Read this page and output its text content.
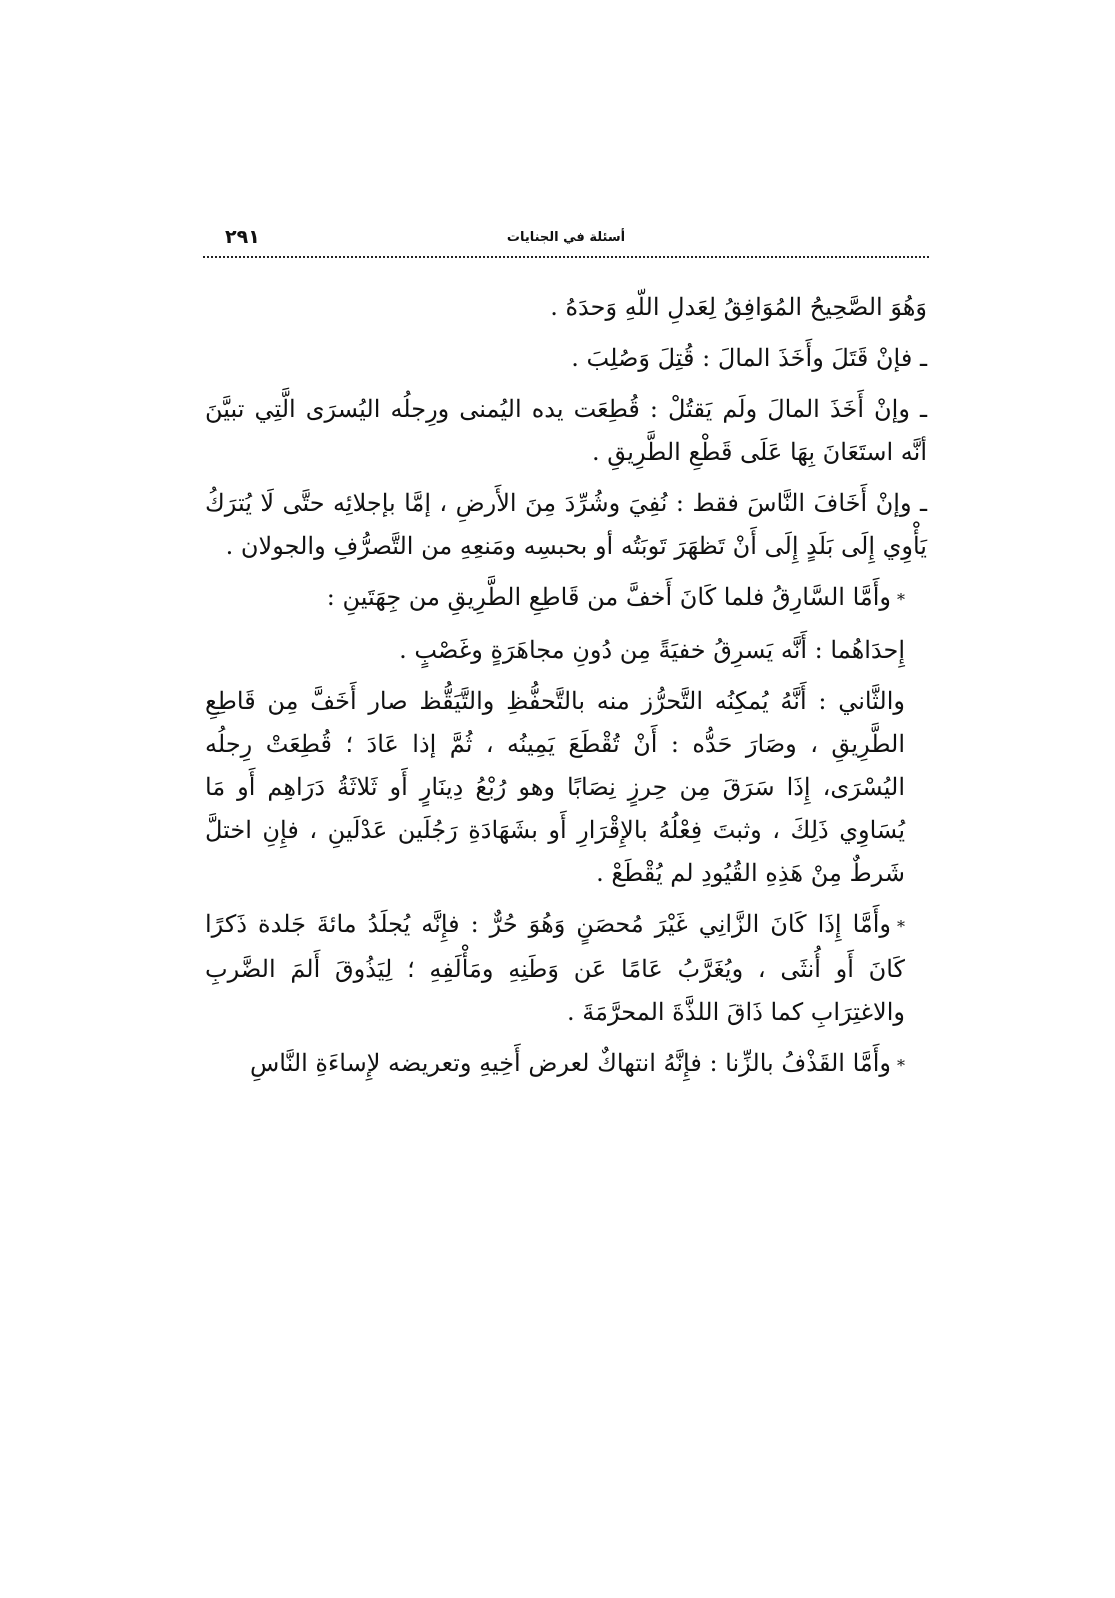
٢٩١	أسئلة في الجنايات

وَهُوَ الصَّحِيحُ المُوَافِقُ لِعَدلِ اللّهِ وَحدَهُ .

ـ فإنْ قَتَلَ وأَخَذَ المالَ : قُتِلَ وَصُلِبَ .

ـ وإنْ أَخَذَ المالَ ولَم يَقتُلْ : قُطِعَت يده اليُمنى ورِجلُه اليُسرَى الَّتِي تبيَّنَ أنَّه استَعَانَ بِهَا عَلَى قَطْعِ الطَّرِيقِ .

ـ وإنْ أَخَافَ النَّاسَ فقط : نُفِيَ وشُرِّدَ مِنَ الأَرضِ ، إمَّا بإجلائِه حتَّى لَا يُترَكُ يَأْوِي إِلَى بَلَدٍ إِلَى أَنْ تَظهَرَ تَوبَتُه أو بحبسِه ومَنعِهِ من التَّصرُّفِ والجولان .

*وأَمَّا السَّارِقُ فلما كَانَ أَخفَّ من قَاطِعِ الطَّرِيقِ من جِهَتَينِ :

إِحدَاهُما : أَنَّه يَسرِقُ خفيَةً مِن دُونِ مجاهَرَةٍ وغَصْبٍ .

والثَّاني : أَنَّهُ يُمكِنُه التَّحرُّز منه بالتَّحفُّظِ والتَّيَقُّظ صار أَخَفَّ مِن قَاطِعِ الطَّرِيقِ ، وصَارَ حَدُّه : أَنْ تُقْطَعَ يَمِينُه ، ثُمَّ إذا عَادَ ؛ قُطِعَتْ رِجلُه اليُسْرَى، إِذَا سَرَقَ مِن حِرزٍ نِصَابًا وهو رُبْعُ دِينَارٍ أَو ثَلاثَةُ دَرَاهِم أَو مَا يُسَاوِي ذَلِكَ ، وثبتَ فِعْلُهُ بالإِقْرَارِ أَو بشَهَادَةِ رَجُلَين عَدْلَينِ ، فإِنِ اختلَّ شَرطٌ مِنْ هَذِهِ القُيُودِ لم يُقْطَعْ .

*وأَمَّا إِذَا كَانَ الزَّانِي غَيْرَ مُحصَنٍ وَهُوَ حُرٌّ : فإِنَّه يُجلَدُ مائةَ جَلدة ذَكرًا كَانَ أَو أُنثَى ، ويُغَرَّبُ عَامًا عَن وَطَنِهِ ومَأْلَفِهِ ؛ لِيَذُوقَ أَلمَ الضَّربِ والاغتِرَابِ كما ذَاقَ اللذَّةَ المحرَّمَةَ .

*وأَمَّا القَذْفُ بالزِّنا : فإِنَّهُ انتهاكٌ لعرض أَخِيهِ وتعريضه لإِساءَةِ النَّاسِ
